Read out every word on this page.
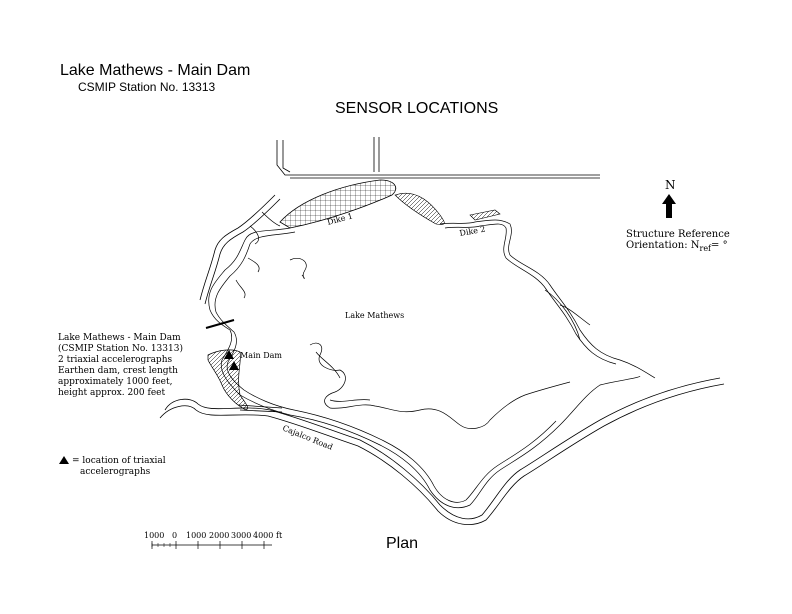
Lake Mathews - Main Dam
CSMIP Station No. 13313
SENSOR LOCATIONS
Lake Mathews
Main Dam
Dike 1
Dike 2
Cajalco Road
1000 0 1000 2000 3000 4000 ft
Lake Mathews - Main Dam
(CSMIP Station No. 13313)
2 triaxial accelerographs
Earthen dam, crest length
approximately 1000 feet,
height approx. 200 feet
= location of triaxial
accelerographs
N
Structure Reference
Orientation: $N_{ref}=$ °
Plan
